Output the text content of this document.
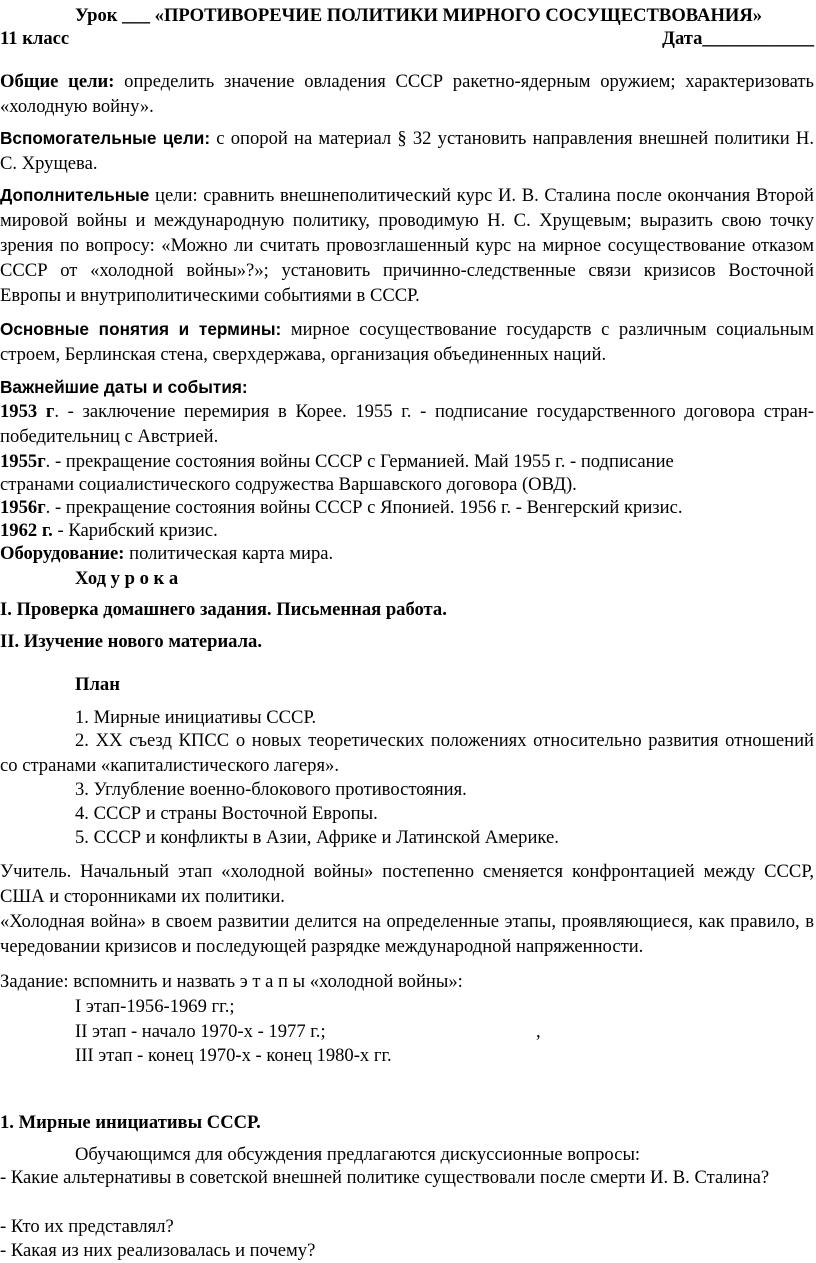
Урок ___ «ПРОТИВОРЕЧИЕ ПОЛИТИКИ МИРНОГО СОСУЩЕСТВОВАНИЯ»
11 класс	Дата____________

Общие цели: определить значение овладения СССР ракетно-ядерным оружием; характеризовать «холодную войну».

Вспомогательные цели: с опорой на материал § 32 установить направления внешней политики Н. С. Хрущева.

Дополнительные цели: сравнить внешнеполитический курс И. В. Сталина после окончания Второй мировой войны и международную политику, проводимую Н. С. Хрущевым; выразить свою точку зрения по вопросу: «Можно ли считать провозглашенный курс на мирное сосуществование отказом СССР от «холодной войны»?»; установить причинно-следственные связи кризисов Восточной Европы и внутриполитическими событиями в СССР.

Основные понятия и термины: мирное сосуществование государств с различным социальным строем, Берлинская стена, сверхдержава, организация объединенных наций.

Важнейшие даты и события:

1953 г. - заключение перемирия в Корее. 1955 г. - подписание государственного договора стран-победительниц с Австрией.

1955г. - прекращение состояния войны СССР с Германией. Май 1955 г. - подписание
странами социалистического содружества Варшавского договора (ОВД).
1956г. - прекращение состояния войны СССР с Японией. 1956 г. - Венгерский кризис.
1962 г. - Карибский кризис.
Оборудование: политическая карта мира.
Ход у р о к а
I. Проверка домашнего задания. Письменная работа.
II. Изучение нового материала.
План
1. Мирные инициативы СССР.

2. XX съезд КПСС о новых теоретических положениях относительно развития отношений со странами «капиталистического лагеря».

3. Углубление военно-блокового противостояния.
4. СССР и страны Восточной Европы.
5. СССР и конфликты в Азии, Африке и Латинской Америке.

Учитель. Начальный этап «холодной войны» постепенно сменяется конфронтацией между СССР, США и сторонниками их политики.

«Холодная война» в своем развитии делится на определенные этапы, проявляющиеся, как правило, в чередовании кризисов и последующей разрядке международной напряженности.

Задание: вспомнить и назвать э т а п ы «холодной войны»:
I этап-1956-1969 гг.;
II этап - начало 1970-х - 1977 г.;	,
III этап - конец 1970-х - конец 1980-х гг.
1. Мирные инициативы СССР.
Обучающимся для обсуждения предлагаются дискуссионные вопросы:

- Какие альтернативы в советской внешней политике существовали после смерти И. В. Сталина?

- Кто их представлял?
- Какая из них реализовалась и почему?
